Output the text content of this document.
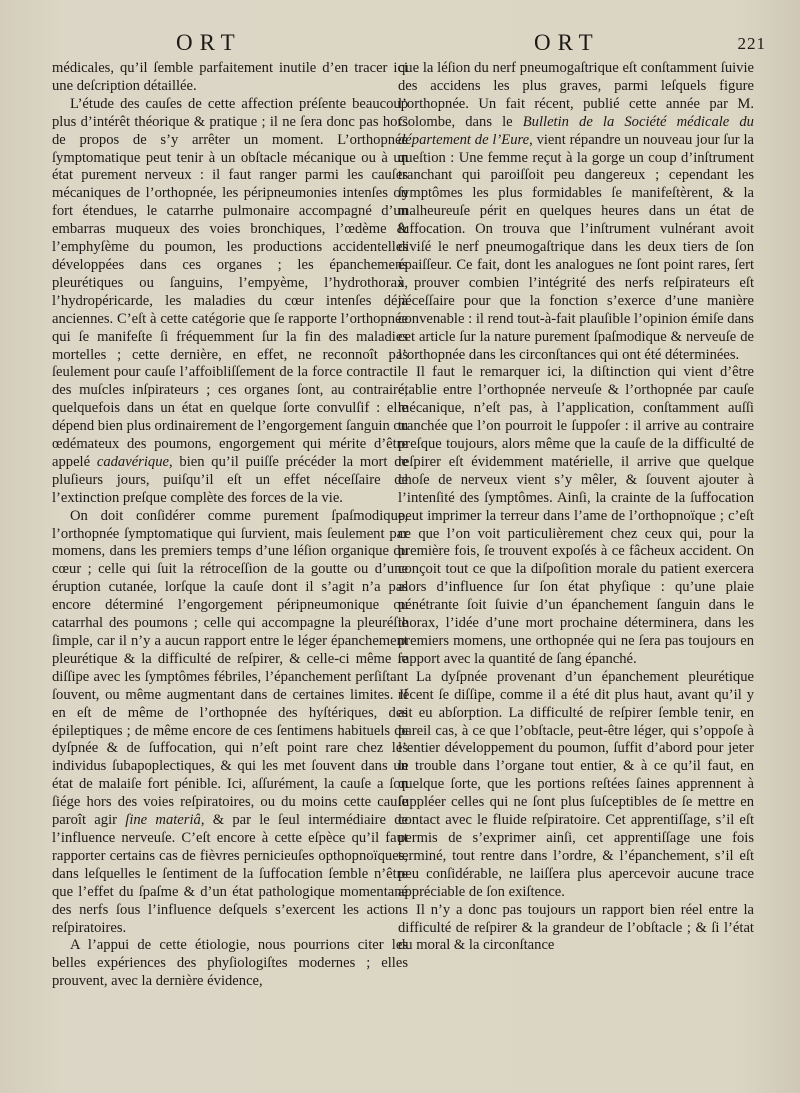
ORT	ORT	221

médicales, qu’il ſemble parfaitement inutile d’en tracer ici une deſcription détaillée.

L’étude des cauſes de cette affection préſente beaucoup plus d’intérêt théorique & pratique ; il ne ſera donc pas hors de propos de s’y arrêter un moment. L’orthopnée ſymptomatique peut tenir à un obſtacle mécanique ou à un état purement nerveux : il faut ranger parmi les cauſes mécaniques de l’orthopnée, les péripneumonies intenſes ou fort étendues, le catarrhe pulmonaire accompagné d’un embarras muqueux des voies bronchiques, l’œdème & l’emphyſème du poumon, les productions accidentelles développées dans ces organes ; les épanchemens pleurétiques ou ſanguins, l’empyème, l’hydrothorax, l’hydropéricarde, les maladies du cœur intenſes déjà anciennes. C’eſt à cette catégorie que ſe rapporte l’orthopnée qui ſe manifeſte ſi fréquemment ſur la fin des maladies mortelles ; cette dernière, en effet, ne reconnoît pas ſeulement pour cauſe l’affoibliſſement de la force contractile des muſcles inſpirateurs ; ces organes ſont, au contraire, quelquefois dans un état en quelque ſorte convulſif : elle dépend bien plus ordinairement de l’engorgement ſanguin ou œdémateux des poumons, engorgement qui mérite d’être appelé cadavérique, bien qu’il puiſſe précéder la mort de pluſieurs jours, puiſqu’il eſt un effet néceſſaire de l’extinction preſque complète des forces de la vie.

On doit conſidérer comme purement ſpaſmodique, l’orthopnée ſymptomatique qui ſurvient, mais ſeulement par momens, dans les premiers temps d’une léſion organique du cœur ; celle qui ſuit la rétroceſſion de la goutte ou d’une éruption cutanée, lorſque la cauſe dont il s’agit n’a pas encore déterminé l’engorgement péripneumonique ou catarrhal des poumons ; celle qui accompagne la pleuréſie ſimple, car il n’y a aucun rapport entre le léger épanchement pleurétique & la difficulté de reſpirer, & celle-ci même ſe diſſipe avec les ſymptômes fébriles, l’épanchement perſiſtant ſouvent, ou même augmentant dans de certaines limites. Il en eſt de même de l’orthopnée des hyſtériques, des épileptiques ; de même encore de ces ſentimens habituels de dyſpnée & de ſuffocation, qui n’eſt point rare chez les individus ſubapoplectiques, & qui les met ſouvent dans un état de malaiſe fort pénible. Ici, aſſurément, la cauſe a ſon ſiége hors des voies reſpiratoires, ou du moins cette cauſe paroît agir ſine materiâ, & par le ſeul intermédiaire de l’influence nerveuſe. C’eſt encore à cette eſpèce qu’il faut rapporter certains cas de fièvres pernicieuſes opthopnoïques, dans leſquelles le ſentiment de la ſuffocation ſemble n’être que l’effet du ſpaſme & d’un état pathologique momentané des nerfs ſous l’influence deſquels s’exercent les actions reſpiratoires.

A l’appui de cette étiologie, nous pourrions citer les belles expériences des phyſiologiſtes modernes ; elles prouvent, avec la dernière évidence,

que la léſion du nerf pneumogaſtrique eſt conſtamment ſuivie des accidens les plus graves, parmi leſquels figure l’orthopnée. Un fait récent, publié cette année par M. Colombe, dans le Bulletin de la Société médicale du département de l’Eure, vient répandre un nouveau jour ſur la queſtion : Une femme reçut à la gorge un coup d’inſtrument tranchant qui paroiſſoit peu dangereux ; cependant les ſymptômes les plus formidables ſe manifeſtèrent, & la malheureuſe périt en quelques heures dans un état de ſuffocation. On trouva que l’inſtrument vulnérant avoit diviſé le nerf pneumogaſtrique dans les deux tiers de ſon épaiſſeur. Ce fait, dont les analogues ne ſont point rares, ſert à prouver combien l’intégrité des nerfs reſpirateurs eſt néceſſaire pour que la fonction s’exerce d’une manière convenable : il rend tout-à-fait plauſible l’opinion émiſe dans cet article ſur la nature purement ſpaſmodique & nerveuſe de l’orthopnée dans les circonſtances qui ont été déterminées.

Il faut le remarquer ici, la diſtinction qui vient d’être établie entre l’orthopnée nerveuſe & l’orthopnée par cauſe mécanique, n’eſt pas, à l’application, conſtamment auſſi tranchée que l’on pourroit le ſuppoſer : il arrive au contraire preſque toujours, alors même que la cauſe de la difficulté de reſpirer eſt évidemment matérielle, il arrive que quelque choſe de nerveux vient s’y mêler, & ſouvent ajouter à l’intenſité des ſymptômes. Ainſi, la crainte de la ſuffocation peut imprimer la terreur dans l’ame de l’orthopnoïque ; c’eſt ce que l’on voit particulièrement chez ceux qui, pour la première fois, ſe trouvent expoſés à ce fâcheux accident. On conçoit tout ce que la diſpoſition morale du patient exercera alors d’influence ſur ſon état phyſique : qu’une plaie pénétrante ſoit ſuivie d’un épanchement ſanguin dans le thorax, l’idée d’une mort prochaine déterminera, dans les premiers momens, une orthopnée qui ne ſera pas toujours en rapport avec la quantité de ſang épanché.

La dyſpnée provenant d’un épanchement pleurétique récent ſe diſſipe, comme il a été dit plus haut, avant qu’il y ait eu abſorption. La difficulté de reſpirer ſemble tenir, en pareil cas, à ce que l’obſtacle, peut-être léger, qui s’oppoſe à l’entier développement du poumon, ſuffit d’abord pour jeter le trouble dans l’organe tout entier, & à ce qu’il faut, en quelque ſorte, que les portions reſtées ſaines apprennent à ſuppléer celles qui ne ſont plus ſuſceptibles de ſe mettre en contact avec le fluide reſpiratoire. Cet apprentiſſage, s’il eſt permis de s’exprimer ainſi, cet apprentiſſage une fois terminé, tout rentre dans l’ordre, & l’épanchement, s’il eſt peu conſidérable, ne laiſſera plus apercevoir aucune trace appréciable de ſon exiſtence.

Il n’y a donc pas toujours un rapport bien réel entre la difficulté de reſpirer & la grandeur de l’obſtacle ; & ſi l’état du moral & la circonſtance
